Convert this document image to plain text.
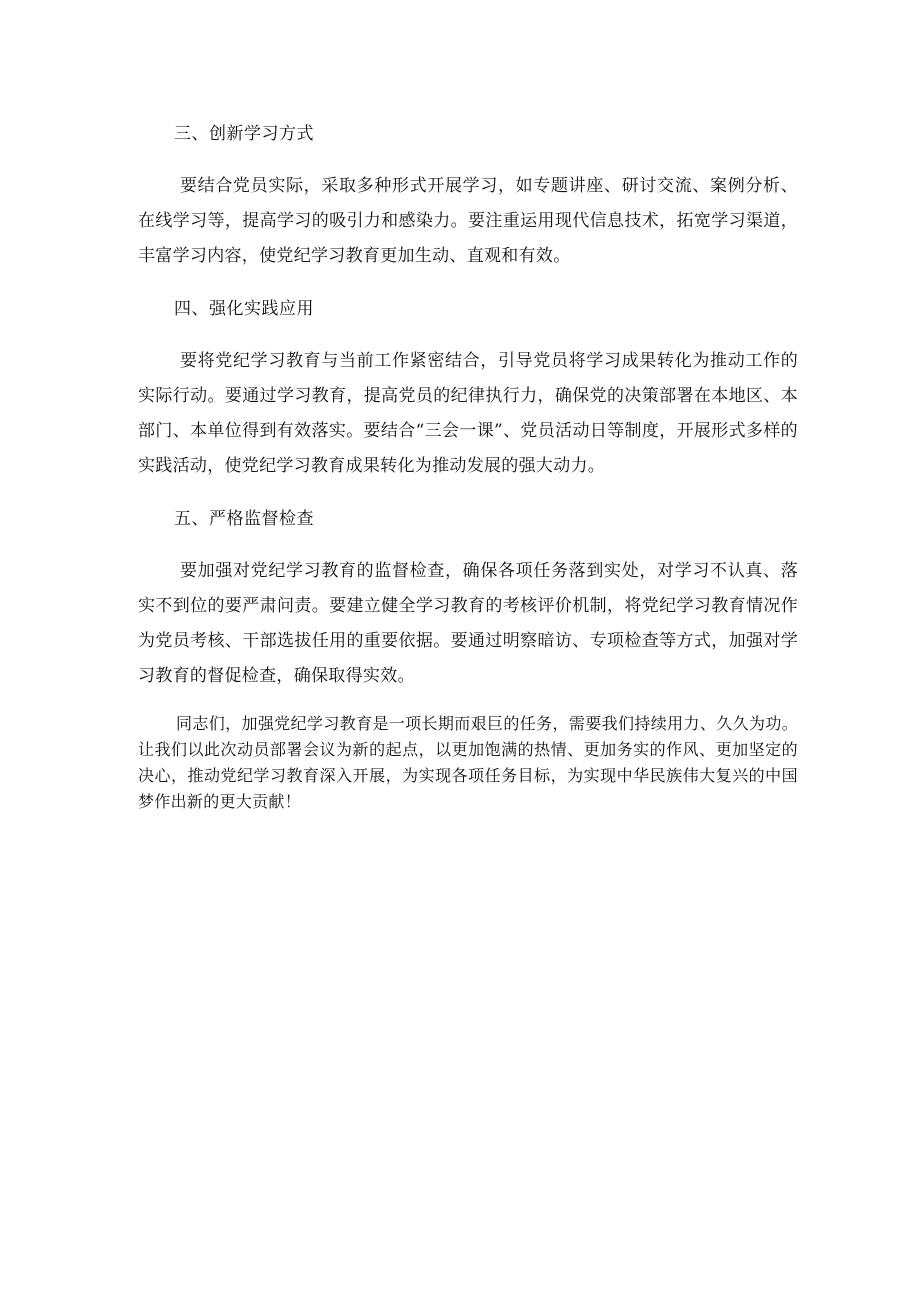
三、创新学习方式

要结合党员实际，采取多种形式开展学习，如专题讲座、研讨交流、案例分析、在线学习等，提高学习的吸引力和感染力。要注重运用现代信息技术，拓宽学习渠道，丰富学习内容，使党纪学习教育更加生动、直观和有效。

四、强化实践应用

要将党纪学习教育与当前工作紧密结合，引导党员将学习成果转化为推动工作的实际行动。要通过学习教育，提高党员的纪律执行力，确保党的决策部署在本地区、本部门、本单位得到有效落实。要结合“三会一课”、党员活动日等制度，开展形式多样的实践活动，使党纪学习教育成果转化为推动发展的强大动力。

五、严格监督检查

要加强对党纪学习教育的监督检查，确保各项任务落到实处，对学习不认真、落实不到位的要严肃问责。要建立健全学习教育的考核评价机制，将党纪学习教育情况作为党员考核、干部选拔任用的重要依据。要通过明察暗访、专项检查等方式，加强对学习教育的督促检查，确保取得实效。

同志们，加强党纪学习教育是一项长期而艰巨的任务，需要我们持续用力、久久为功。让我们以此次动员部署会议为新的起点，以更加饱满的热情、更加务实的作风、更加坚定的决心，推动党纪学习教育深入开展，为实现各项任务目标，为实现中华民族伟大复兴的中国梦作出新的更大贡献！
